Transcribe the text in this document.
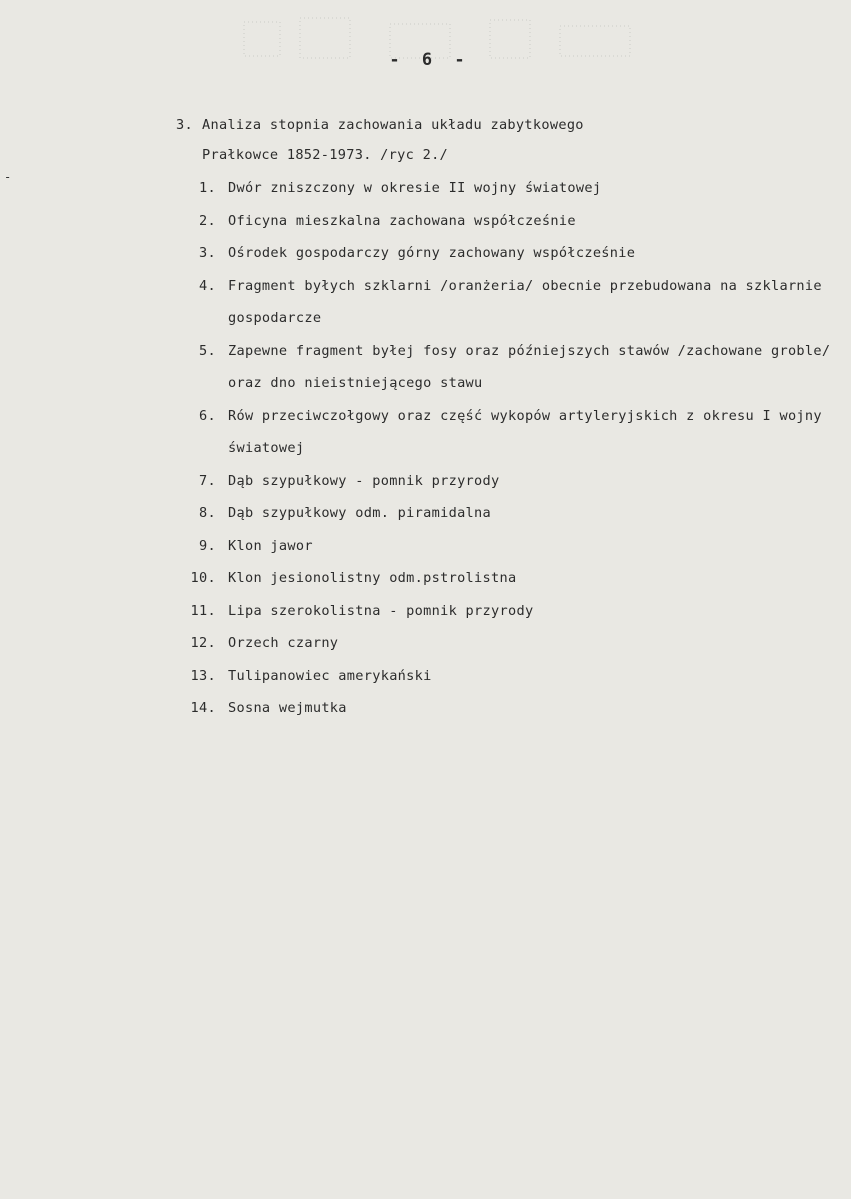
-
- 6 -
3. Analiza stopnia zachowania układu zabytkowego
Prałkowce 1852-1973. /ryc 2./
1. Dwór zniszczony w okresie II wojny światowej
2. Oficyna mieszkalna zachowana współcześnie
3. Ośrodek gospodarczy górny zachowany współcześnie
4. Fragment byłych szklarni /oranżeria/ obecnie przebudowana na szklarnie gospodarcze
5. Zapewne fragment byłej fosy oraz późniejszych stawów /zachowane groble/ oraz dno nieistniejącego stawu
6. Rów przeciwczołgowy oraz część wykopów artyleryjskich z okresu I wojny światowej
7. Dąb szypułkowy - pomnik przyrody
8. Dąb szypułkowy odm. piramidalna
9. Klon jawor
10. Klon jesionolistny odm.pstrolistna
11. Lipa szerokolistna - pomnik przyrody
12. Orzech czarny
13. Tulipanowiec amerykański
14. Sosna wejmutka
